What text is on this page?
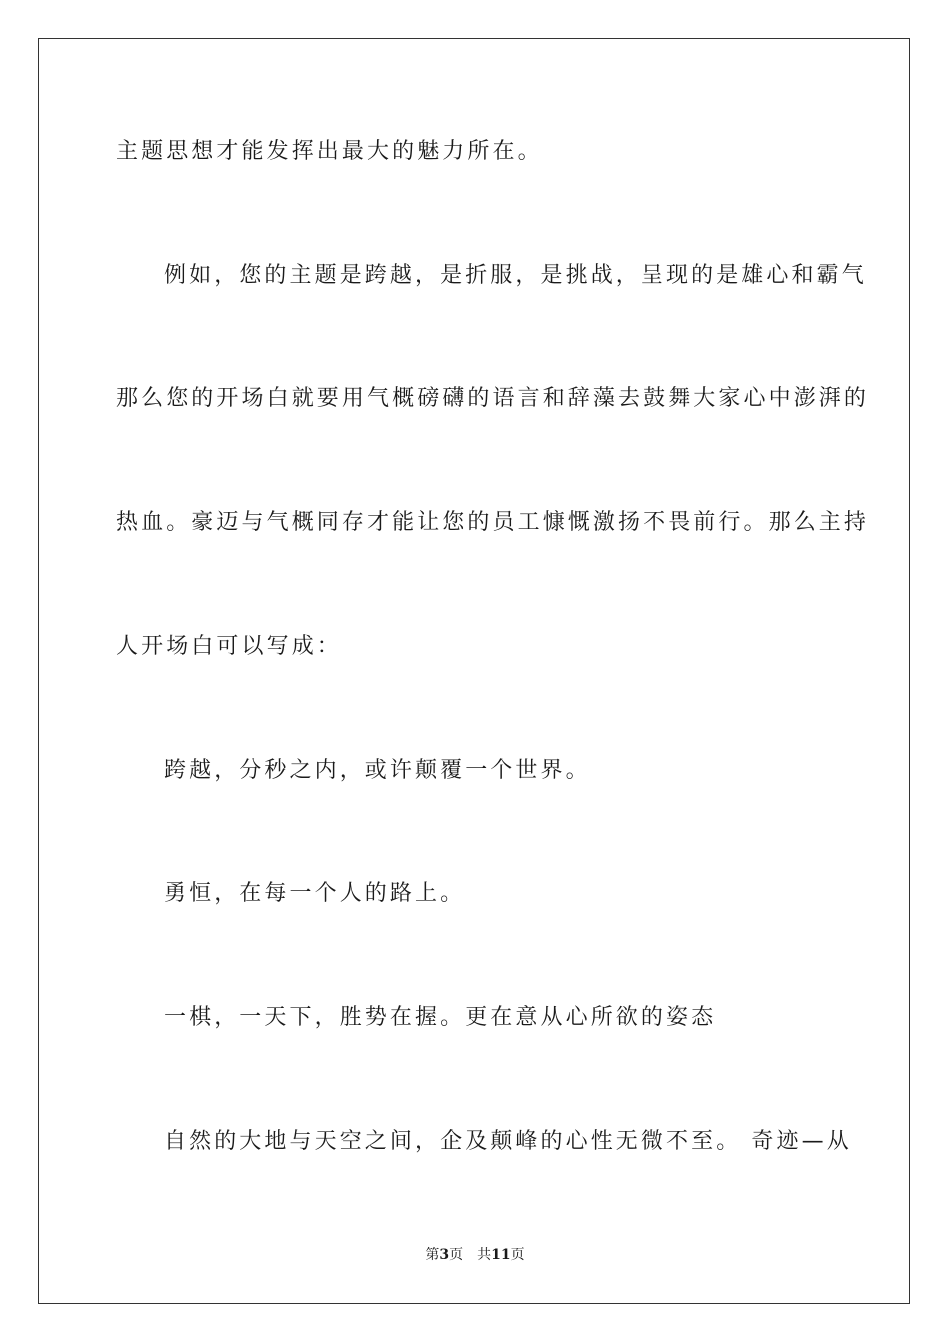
主题思想才能发挥出最大的魅力所在。
例如，您的主题是跨越，是折服，是挑战，呈现的是雄心和霸气
那么您的开场白就要用气概磅礴的语言和辞藻去鼓舞大家心中澎湃的
热血。豪迈与气概同存才能让您的员工慷慨激扬不畏前行。那么主持
人开场白可以写成：
跨越，分秒之内，或许颠覆一个世界。
勇恒，在每一个人的路上。
一棋，一天下，胜势在握。更在意从心所欲的姿态
自然的大地与天空之间，企及颠峰的心性无微不至。 奇迹—从
第3页 共11页
